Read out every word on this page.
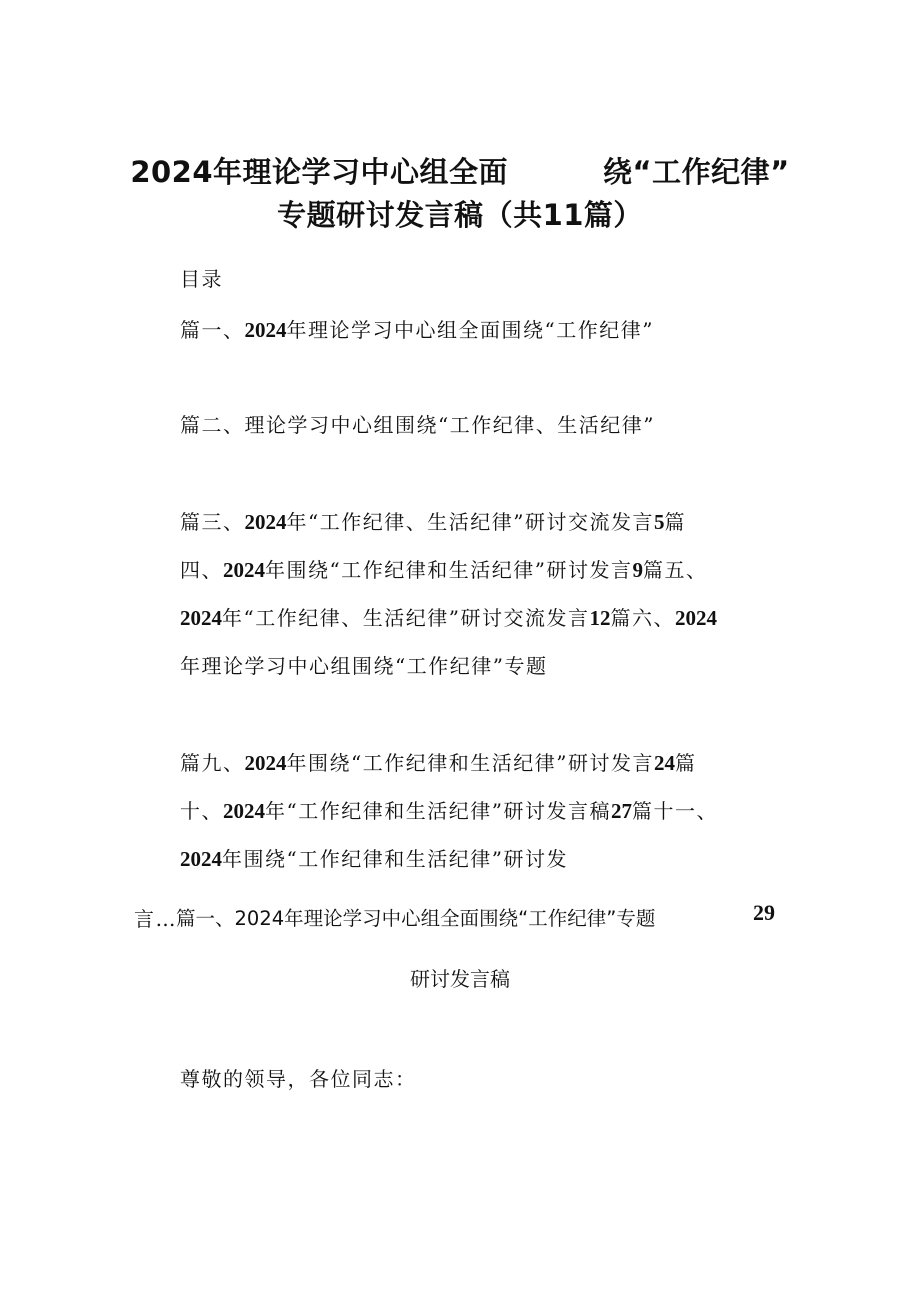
2024年理论学习中心组全面	绕“工作纪律”
专题研讨发言稿（共11篇）
目录
篇一、2024年理论学习中心组全面围绕“工作纪律”
篇二、理论学习中心组围绕“工作纪律、生活纪律”
篇三、2024年“工作纪律、生活纪律”研讨交流发言5篇
四、2024年围绕“工作纪律和生活纪律”研讨发言9篇五、
2024年“工作纪律、生活纪律”研讨交流发言12篇六、2024
年理论学习中心组围绕“工作纪律”专题
篇九、2024年围绕“工作纪律和生活纪律”研讨发言24篇
十、2024年“工作纪律和生活纪律”研讨发言稿27篇十一、
2024年围绕“工作纪律和生活纪律”研讨发
言… 篇一、2024年理论学习中心组全面围绕“工作纪律”专题	29
研讨发言稿
尊敬的领导，各位同志：
